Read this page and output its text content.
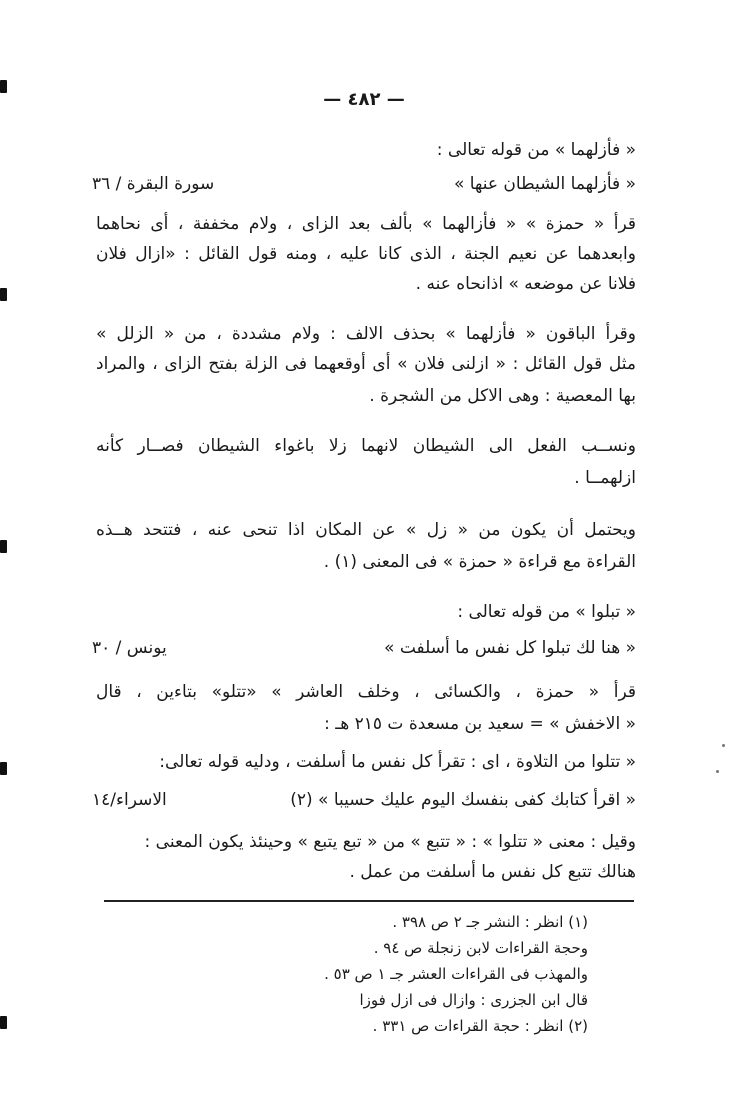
— ٤٨٢ —
« فأزلهما » من قوله تعالى :
« فأزلهما الشيطان عنها »
سورة البقرة / ٣٦
قرأ « حمزة » « فأزالهما » بألف بعد الزاى ، ولام مخففة ، أى نحاهما
وابعدهما عن نعيم الجنة ، الذى كانا عليه ، ومنه قول القائل : «ازال فلان
فلانا عن موضعه » اذانحاه عنه .
وقرأ الباقون « فأزلهما » بحذف الالف : ولام مشددة ، من « الزلل »
مثل قول القائل : « ازلنى فلان » أى أوقعهما فى الزلة بفتح الزاى ، والمراد
بها المعصية : وهى الاكل من الشجرة .
ونســب الفعل الى الشيطان لانهما زلا باغواء الشيطان فصــار كأنه
ازلهمــا .
ويحتمل أن يكون من « زل » عن المكان اذا تنحى عنه ، فتتحد هــذه
القراءة مع قراءة « حمزة » فى المعنى (١) .
« تبلوا » من قوله تعالى :
« هنا لك تبلوا كل نفس ما أسلفت »
يونس / ٣٠
قرأ « حمزة ، والكسائى ، وخلف العاشر » «تتلو» بتاءين ، قال
« الاخفش » = سعيد بن مسعدة ت ٢١٥ هـ :
« تتلوا من التلاوة ، اى : تقرأ كل نفس ما أسلفت ، ودليه قوله تعالى:
« اقرأ كتابك كفى بنفسك اليوم عليك حسيبا » (٢)
الاسراء/١٤
وقيل : معنى « تتلوا » : « تتبع » من « تبع يتبع » وحينئذ يكون المعنى :
هنالك تتبع كل نفس ما أسلفت من عمل .
(١) انظر : النشر جـ ٢ ص ٣٩٨ .
وحجة القراءات لابن زنجلة ص ٩٤ .
والمهذب فى القراءات العشر جـ ١ ص ٥٣ .
قال ابن الجزرى : وازال فى ازل فوزا
(٢) انظر : حجة القراءات ص ٣٣١ .
